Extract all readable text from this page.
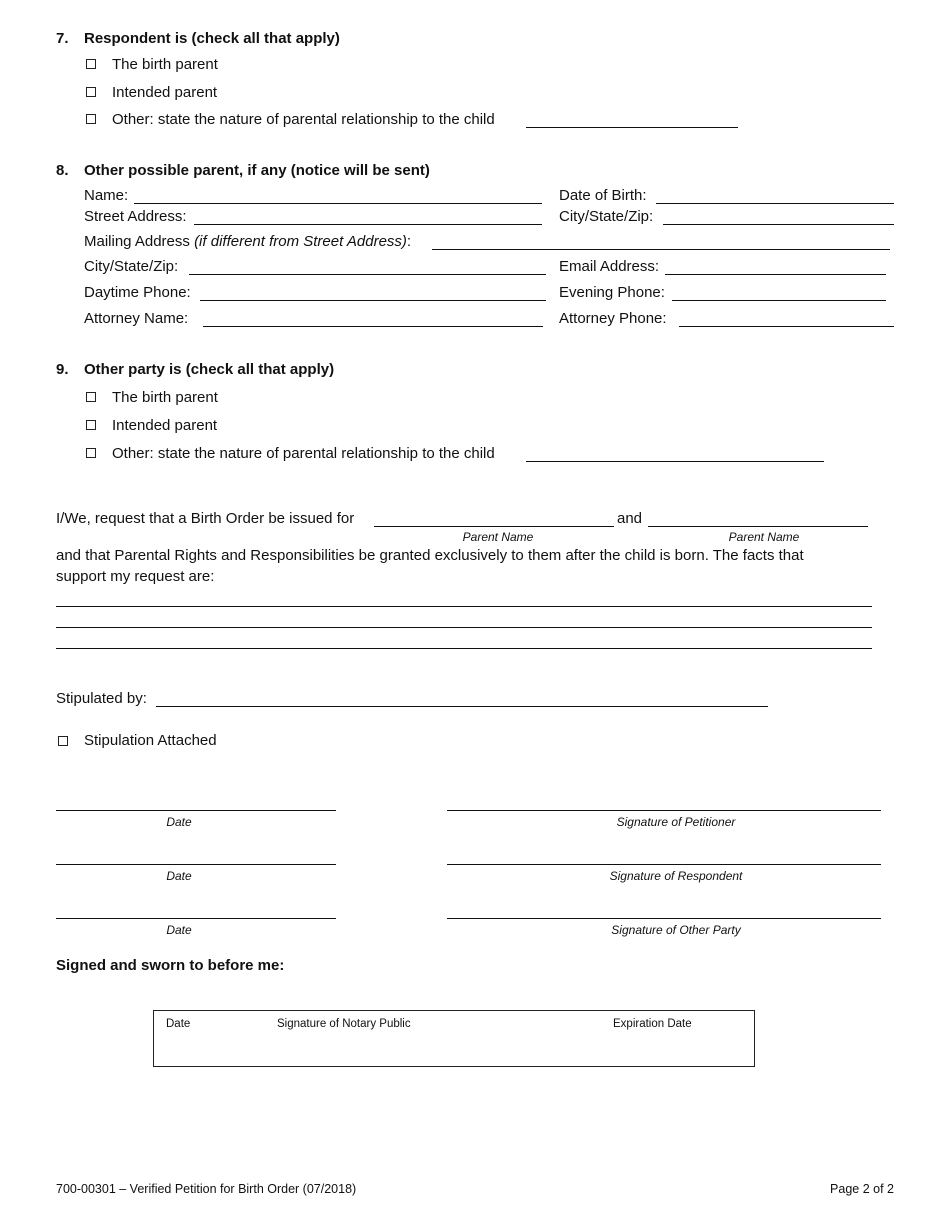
7. Respondent is (check all that apply)
The birth parent
Intended parent
Other: state the nature of parental relationship to the child
8. Other possible parent, if any (notice will be sent)
Name:	Date of Birth:
Street Address:	City/State/Zip:
Mailing Address (if different from Street Address):
City/State/Zip:	Email Address:
Daytime Phone:	Evening Phone:
Attorney Name:	Attorney Phone:
9. Other party is (check all that apply)
The birth parent
Intended parent
Other: state the nature of parental relationship to the child
I/We, request that a Birth Order be issued for	and
Parent Name	Parent Name
and that Parental Rights and Responsibilities be granted exclusively to them after the child is born. The facts that
support my request are:
Stipulated by:
Stipulation Attached
Date	Signature of Petitioner
Date	Signature of Respondent
Date	Signature of Other Party
Signed and sworn to before me:
Date	Signature of Notary Public	Expiration Date
700-00301 – Verified Petition for Birth Order (07/2018)	Page 2 of 2
